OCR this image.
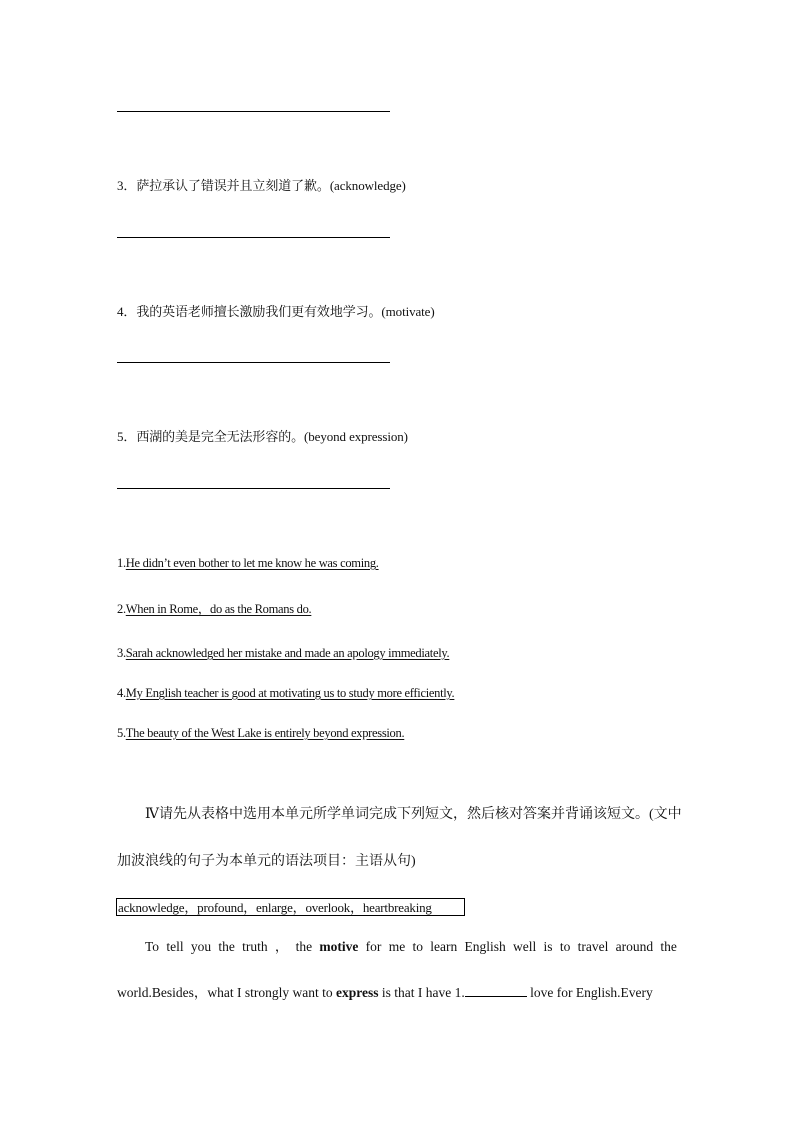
3．萨拉承认了错误并且立刻道了歉。(acknowledge)
4．我的英语老师擅长激励我们更有效地学习。(motivate)
5．西湖的美是完全无法形容的。(beyond expression)
1.He didn’t even bother to let me know he was coming.
2.When in Rome，do as the Romans do.
3.Sarah acknowledged her mistake and made an apology immediately.
4.My English teacher is good at motivating us to study more efficiently.
5.The beauty of the West Lake is entirely beyond expression.
Ⅳ请先从表格中选用本单元所学单词完成下列短文，然后核对答案并背诵该短文。(文中
加波浪线的句子为本单元的语法项目：主语从句)
acknowledge，profound，enlarge，overlook，heartbreaking
To tell you the truth ， the motive for me to learn English well is to travel around the
world.Besides，what I strongly want to express is that I have 1.	love for English.Every
